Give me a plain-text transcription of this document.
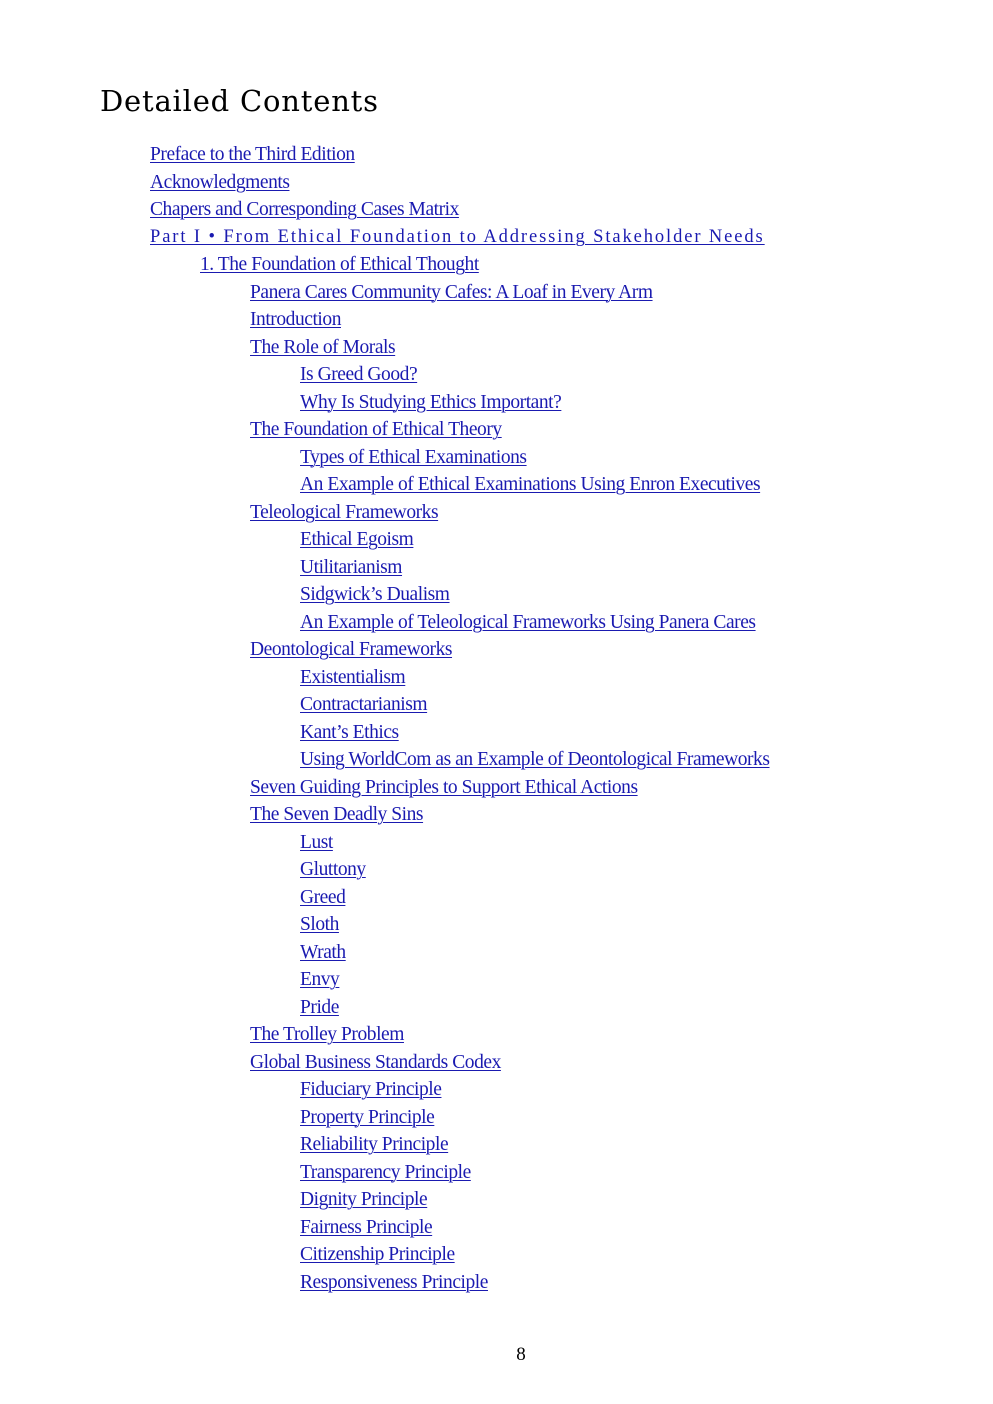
Detailed Contents
Preface to the Third Edition
Acknowledgments
Chapers and Corresponding Cases Matrix
Part I • From Ethical Foundation to Addressing Stakeholder Needs
1. The Foundation of Ethical Thought
Panera Cares Community Cafes: A Loaf in Every Arm
Introduction
The Role of Morals
Is Greed Good?
Why Is Studying Ethics Important?
The Foundation of Ethical Theory
Types of Ethical Examinations
An Example of Ethical Examinations Using Enron Executives
Teleological Frameworks
Ethical Egoism
Utilitarianism
Sidgwick’s Dualism
An Example of Teleological Frameworks Using Panera Cares
Deontological Frameworks
Existentialism
Contractarianism
Kant’s Ethics
Using WorldCom as an Example of Deontological Frameworks
Seven Guiding Principles to Support Ethical Actions
The Seven Deadly Sins
Lust
Gluttony
Greed
Sloth
Wrath
Envy
Pride
The Trolley Problem
Global Business Standards Codex
Fiduciary Principle
Property Principle
Reliability Principle
Transparency Principle
Dignity Principle
Fairness Principle
Citizenship Principle
Responsiveness Principle
8
